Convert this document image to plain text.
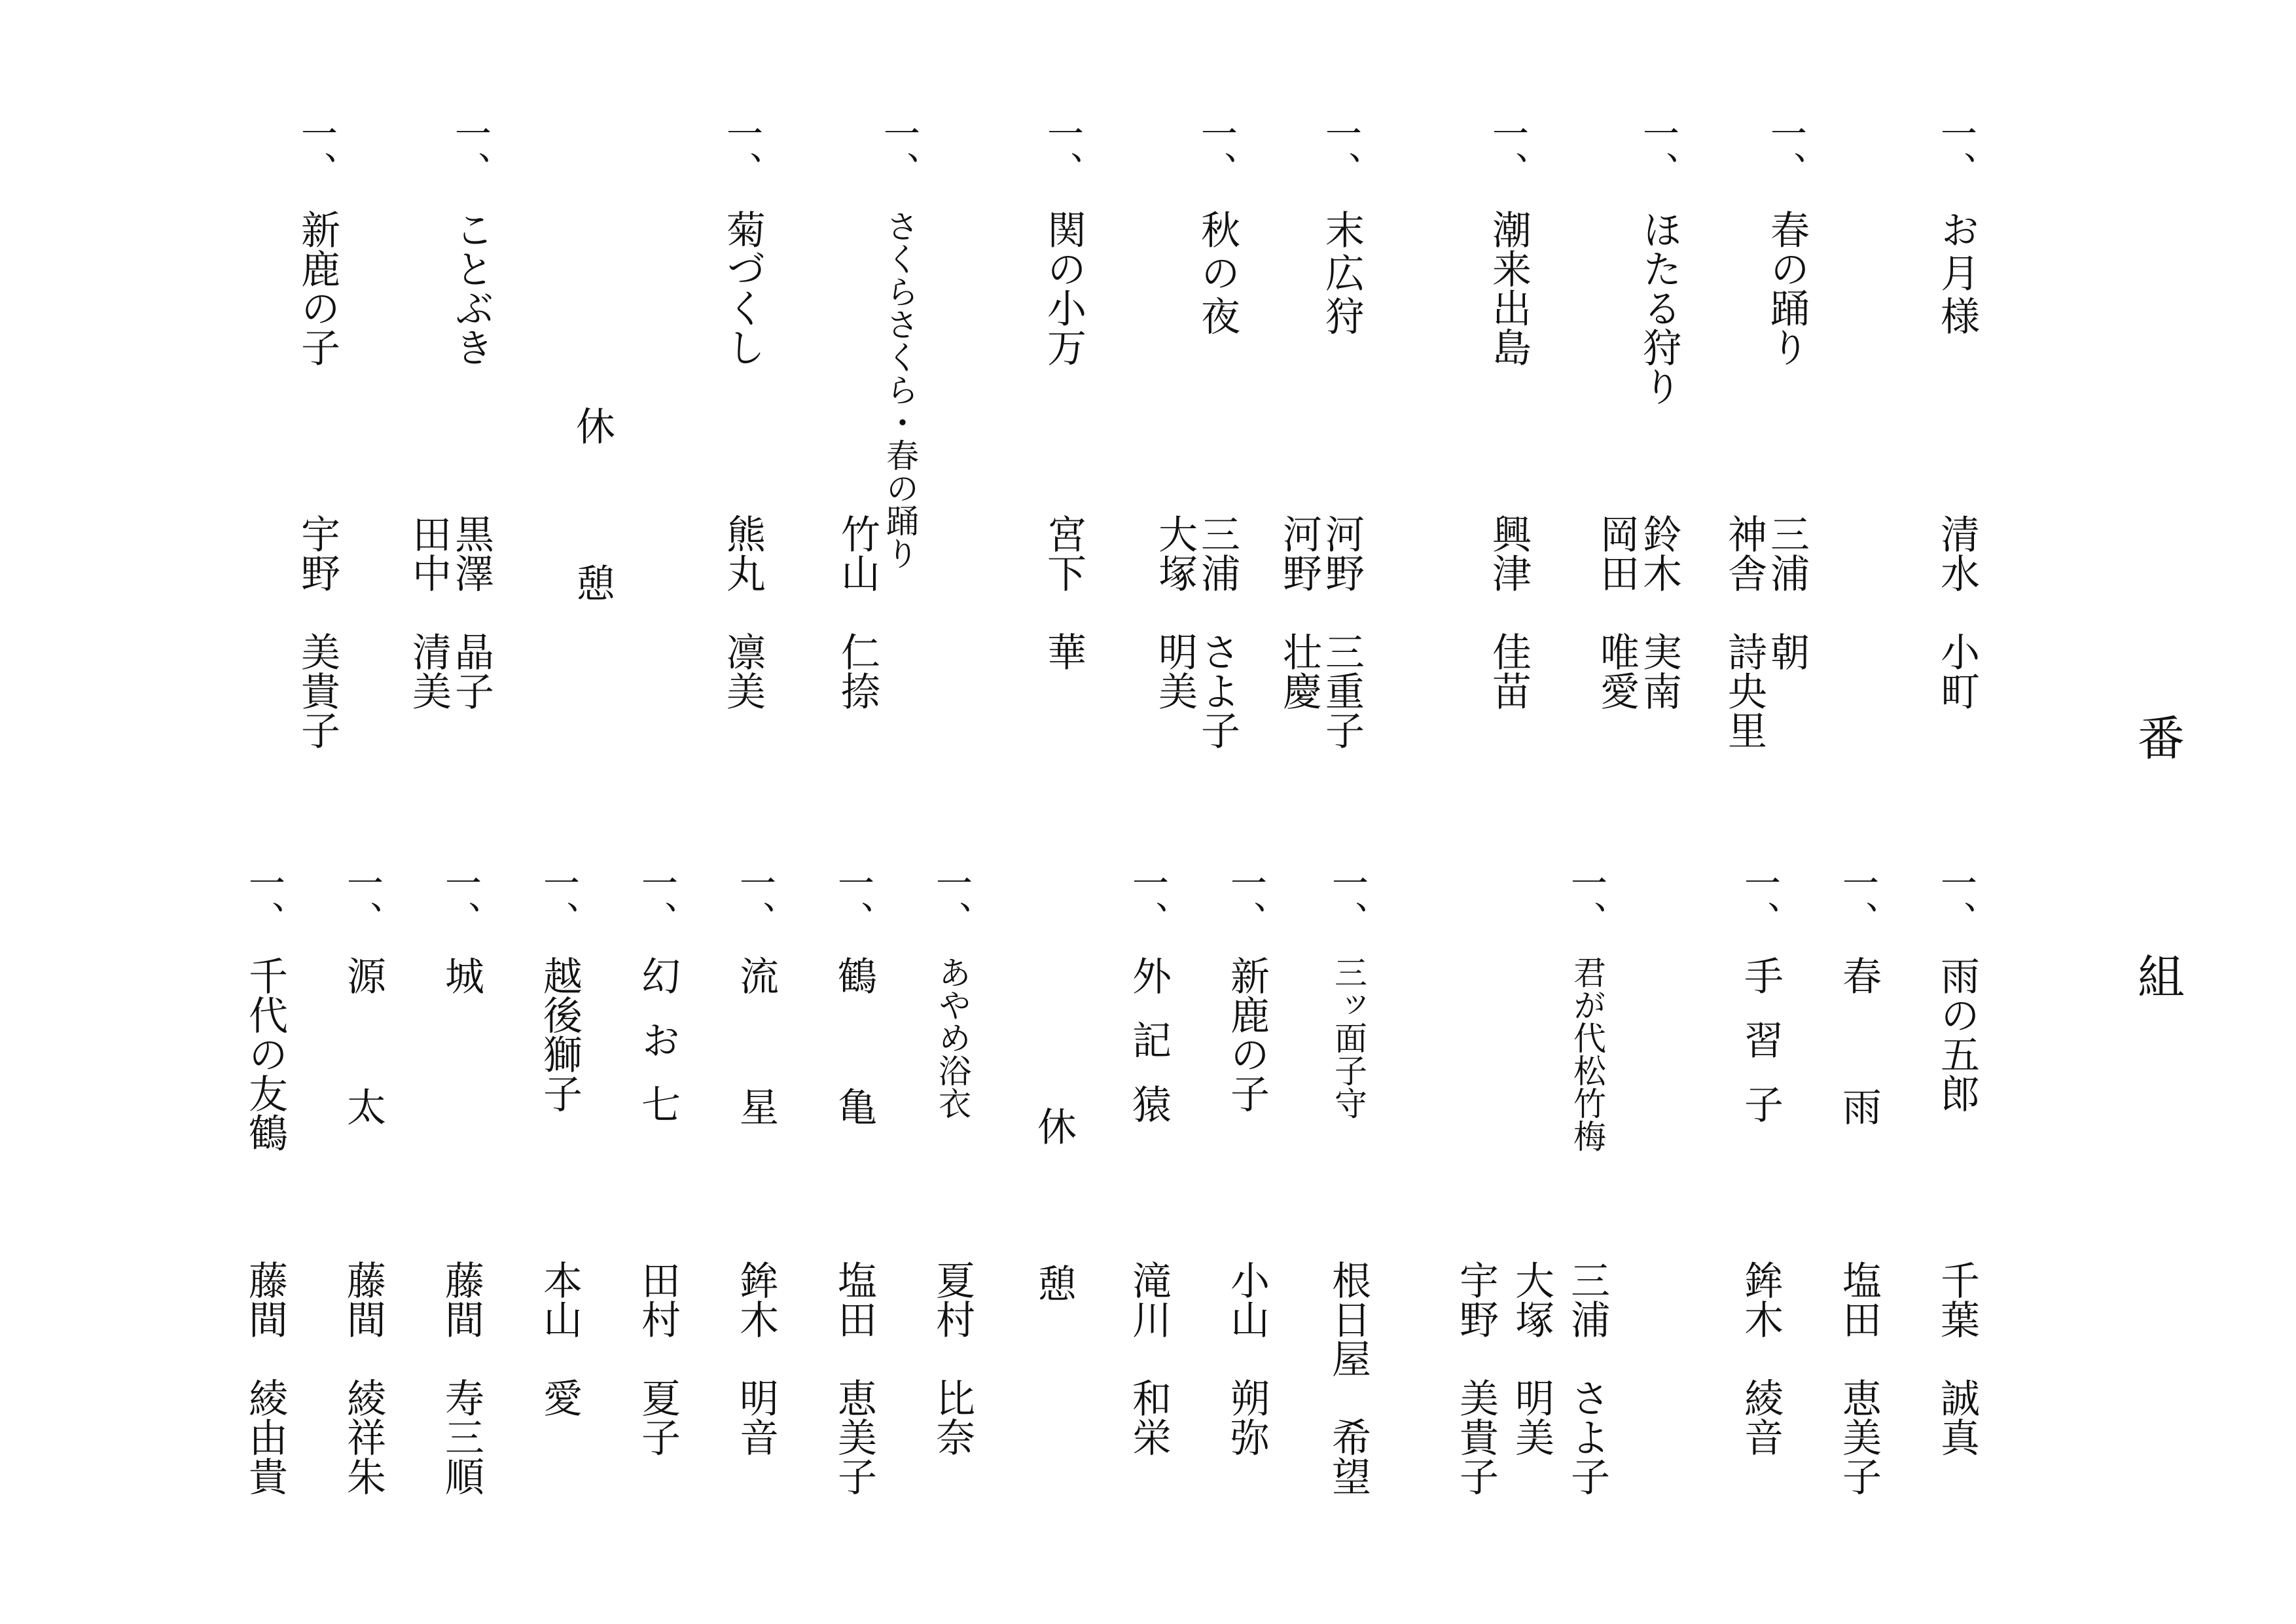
番
組
一、
お月様
清水　小町
一、
春の踊り
三浦　朝
神舎　詩央里
一、
ほたる狩り
鈴木　実南
岡田　唯愛
一、
潮来出島
興津　佳苗
一、
末広狩
河野　三重子
河野　壮慶
一、
秋の夜
三浦　さよ子
大塚　明美
一、
関の小万
宮下　華
一、
さくらさくら・春の踊り
竹山　仁捺
一、
菊づくし
熊丸　凛美
休　憩
一、
ことぶき
黒澤　晶子
田中　清美
一、
新鹿の子
宇野　美貴子
一、
雨の五郎
千葉　誠真
一、
春雨
塩田　恵美子
一、
手習子
鉾木　綾音
一、
君が代松竹梅
三浦　さよ子
大塚　明美
宇野　美貴子
一、
三ッ面子守
根日屋　希望
一、
新鹿の子
小山　朔弥
一、
外記猿
滝川　和栄
休　憩
一、
あやめ浴衣
夏村　比奈
一、
鶴亀
塩田　恵美子
一、
流星
鉾木　明音
一、
幻お七
田村　夏子
一、
越後獅子
本山　愛
一、
城
藤間　寿三順
一、
源太
藤間　綾祥朱
一、
千代の友鶴
藤間　綾由貴
